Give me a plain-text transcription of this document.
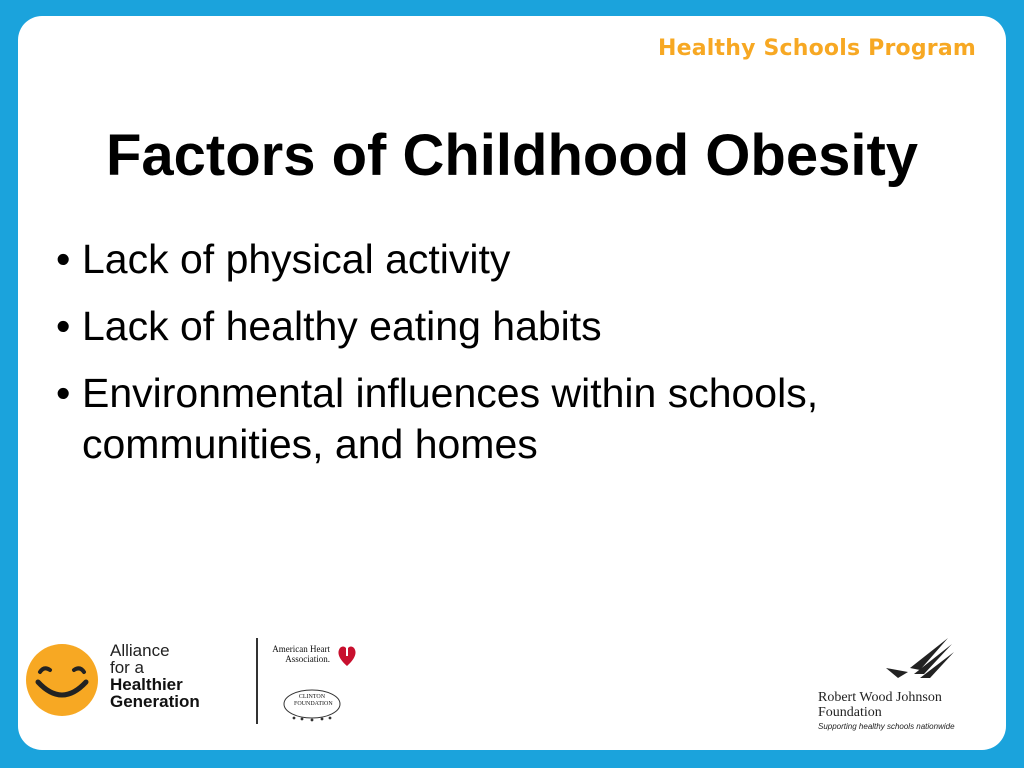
Healthy Schools Program
Factors of Childhood Obesity
• Lack of physical activity
• Lack of healthy eating habits
• Environmental influences within schools, communities, and homes
Alliance
for a
Healthier
Generation
American Heart
Association.
CLINTON
FOUNDATION	Robert Wood Johnson
Foundation
Supporting healthy schools nationwide
